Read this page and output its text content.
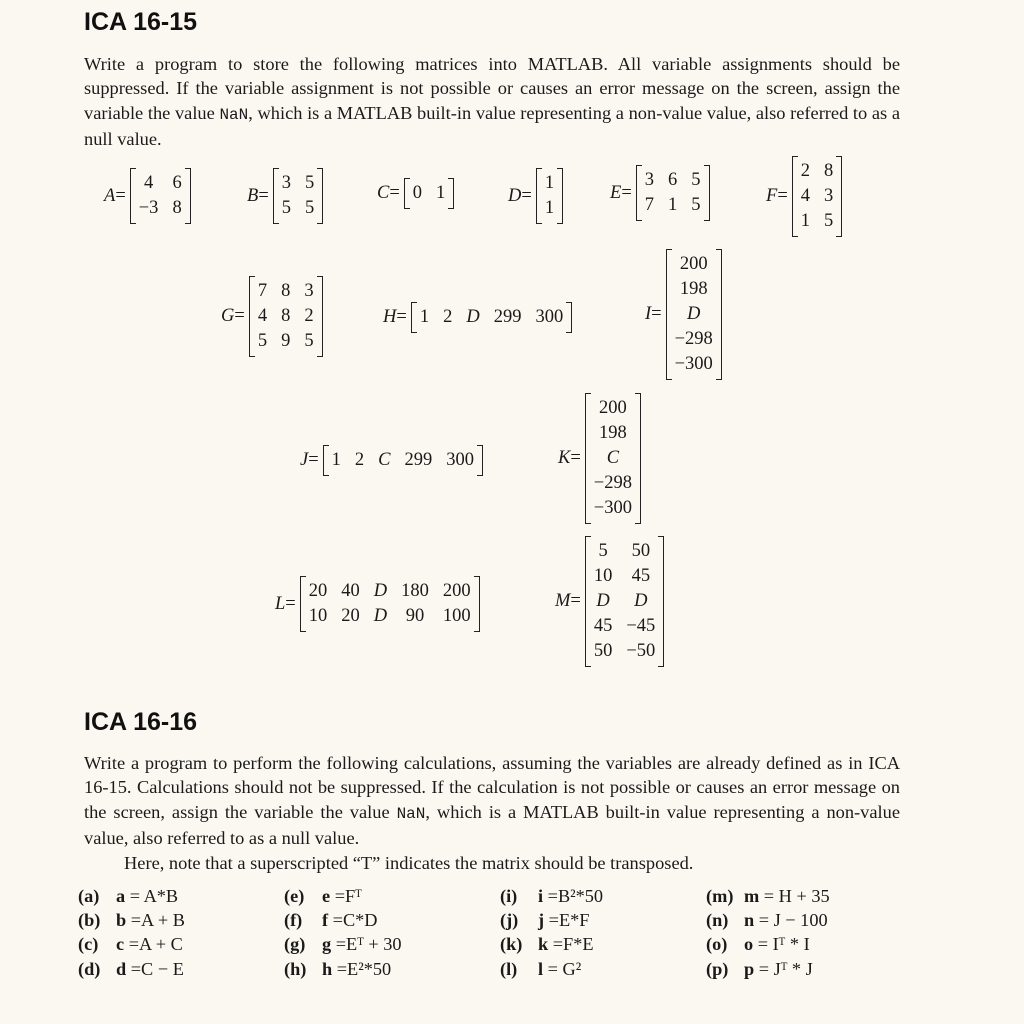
ICA 16-15
Write a program to store the following matrices into MATLAB. All variable assignments should be suppressed. If the variable assignment is not possible or causes an error message on the screen, assign the variable the value NaN, which is a MATLAB built-in value representing a non-value value, also referred to as a null value.
A =
4 6
−3 8
B =
3 5
5 5
C = 0 1	D =
1
1
E =
3 6 5
7 1 5	F =
2 8
4 3
1 5
G =
7 8 3
4 8 2
5 9 5
H = 1 2 D 299 300	I =
200
198
D
−298
−300
J = 1 2 C 299 300	K =
200
198
C
−298
−300
L =
20 40 D 180 200
10 20 D 90 100
M =
5 50
10 45
D	D
45 −45
50 −50
ICA 16-16
Write a program to perform the following calculations, assuming the variables are already defined as in ICA 16-15. Calculations should not be suppressed. If the calculation is not possible or causes an error message on the screen, assign the variable the value NaN, which is a MATLAB built-in value representing a non-value value, also referred to as a null value.
Here, note that a superscripted “T” indicates the matrix should be transposed.
(a) a = A*B
(b) b =A + B
(c) c =A + C
(d) d =C − E
(e) e =Fᵀ
(f) f =C*D
(g) g =Eᵀ + 30
(h) h =E²*50
(i) i =B²*50
(j) j =E*F
(k) k =F*E
(l) l = G²
(m) m = H + 35
(n) n = J − 100
(o) o = Iᵀ * I
(p) p = Jᵀ * J
